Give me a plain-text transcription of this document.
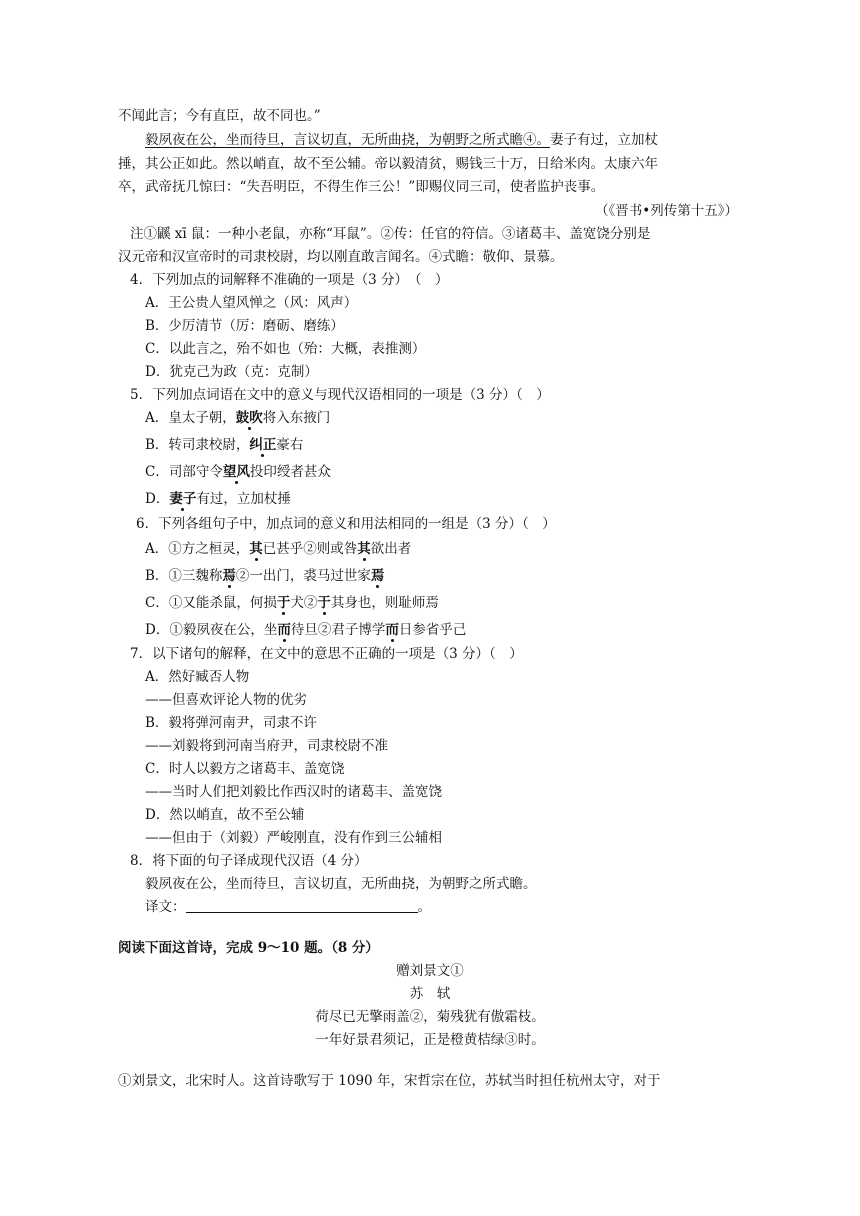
不闻此言；今有直臣，故不同也。”
毅夙夜在公，坐而待旦，言议切直，无所曲挠，为朝野之所式瞻④。妻子有过，立加杖
捶，其公正如此。然以峭直，故不至公辅。帝以毅清贫，赐钱三十万，日给米肉。太康六年
卒，武帝抚几惊曰：“失吾明臣，不得生作三公！”即赐仪同三司，使者监护丧事。
（《晋书•列传第十五》）
注①鼷 xī 鼠：一种小老鼠，亦称“耳鼠”。②传：任官的符信。③诸葛丰、盖宽饶分别是
汉元帝和汉宣帝时的司隶校尉，均以刚直敢言闻名。④式瞻：敬仰、景慕。
4．下列加点的词解释不准确的一项是（3 分）　（　）
A．王公贵人望风惮之（风：风声）
B．少厉清节（厉：磨砺、磨练）
C．以此言之，殆不如也（殆：大概，表推测）
D．犹克己为政（克：克制）
5．下列加点词语在文中的意义与现代汉语相同的一项是（3 分）（　）
A．皇太子朝，鼓吹将入东掖门
B．转司隶校尉，纠正豪右
C．司部守令望风投印绶者甚众
D．妻子有过，立加杖捶
6．下列各组句子中，加点词的意义和用法相同的一组是（3 分）（　）
A．①方之桓灵，其已甚乎②则或咎其欲出者
B．①三魏称焉②一出门，裘马过世家焉
C．①又能杀鼠，何损于犬②于其身也，则耻师焉
D．①毅夙夜在公，坐而待旦②君子博学而日参省乎己
7．以下诸句的解释，在文中的意思不正确的一项是（3 分）（　）
A．然好臧否人物
——但喜欢评论人物的优劣
B．毅将弹河南尹，司隶不许
——刘毅将到河南当府尹，司隶校尉不准
C．时人以毅方之诸葛丰、盖宽饶
——当时人们把刘毅比作西汉时的诸葛丰、盖宽饶
D．然以峭直，故不至公辅
——但由于（刘毅）严峻刚直，没有作到三公辅相
8．将下面的句子译成现代汉语（4 分）
毅夙夜在公，坐而待旦，言议切直，无所曲挠，为朝野之所式瞻。
译文：	。
阅读下面这首诗，完成 9～10 题。（8 分）
赠刘景文①
苏　轼
荷尽已无擎雨盖②，菊残犹有傲霜枝。
一年好景君须记，正是橙黄桔绿③时。
①刘景文，北宋时人。这首诗歌写于 1090 年，宋哲宗在位，苏轼当时担任杭州太守，对于
